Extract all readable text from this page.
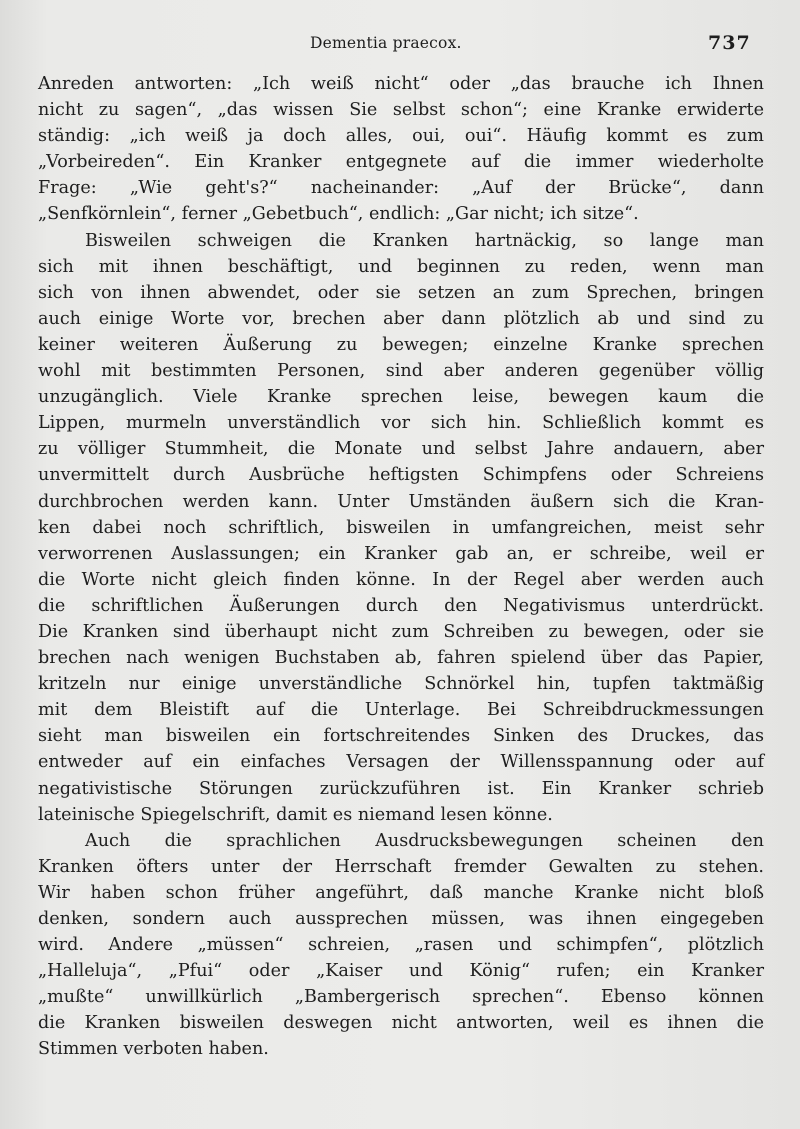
Dementia praecox.	737
Anreden antworten: „Ich weiß nicht“ oder „das brauche ich Ihnen
nicht zu sagen“, „das wissen Sie selbst schon“; eine Kranke erwiderte
ständig: „ich weiß ja doch alles, oui, oui“. Häufig kommt es zum
„Vorbeireden“. Ein Kranker entgegnete auf die immer wiederholte
Frage: „Wie geht's?“ nacheinander: „Auf der Brücke“, dann
„Senfkörnlein“, ferner „Gebetbuch“, endlich: „Gar nicht; ich sitze“.
Bisweilen schweigen die Kranken hartnäckig, so lange man
sich mit ihnen beschäftigt, und beginnen zu reden, wenn man
sich von ihnen abwendet, oder sie setzen an zum Sprechen, bringen
auch einige Worte vor, brechen aber dann plötzlich ab und sind zu
keiner weiteren Äußerung zu bewegen; einzelne Kranke sprechen
wohl mit bestimmten Personen, sind aber anderen gegenüber völlig
unzugänglich. Viele Kranke sprechen leise, bewegen kaum die
Lippen, murmeln unverständlich vor sich hin. Schließlich kommt es
zu völliger Stummheit, die Monate und selbst Jahre andauern, aber
unvermittelt durch Ausbrüche heftigsten Schimpfens oder Schreiens
durchbrochen werden kann. Unter Umständen äußern sich die Kran-
ken dabei noch schriftlich, bisweilen in umfangreichen, meist sehr
verworrenen Auslassungen; ein Kranker gab an, er schreibe, weil er
die Worte nicht gleich finden könne. In der Regel aber werden auch
die schriftlichen Äußerungen durch den Negativismus unterdrückt.
Die Kranken sind überhaupt nicht zum Schreiben zu bewegen, oder sie
brechen nach wenigen Buchstaben ab, fahren spielend über das Papier,
kritzeln nur einige unverständliche Schnörkel hin, tupfen taktmäßig
mit dem Bleistift auf die Unterlage. Bei Schreibdruckmessungen
sieht man bisweilen ein fortschreitendes Sinken des Druckes, das
entweder auf ein einfaches Versagen der Willensspannung oder auf
negativistische Störungen zurückzuführen ist. Ein Kranker schrieb
lateinische Spiegelschrift, damit es niemand lesen könne.
Auch die sprachlichen Ausdrucksbewegungen scheinen den
Kranken öfters unter der Herrschaft fremder Gewalten zu stehen.
Wir haben schon früher angeführt, daß manche Kranke nicht bloß
denken, sondern auch aussprechen müssen, was ihnen eingegeben
wird. Andere „müssen“ schreien, „rasen und schimpfen“, plötzlich
„Halleluja“, „Pfui“ oder „Kaiser und König“ rufen; ein Kranker
„mußte“ unwillkürlich „Bambergerisch sprechen“. Ebenso können
die Kranken bisweilen deswegen nicht antworten, weil es ihnen die
Stimmen verboten haben.
